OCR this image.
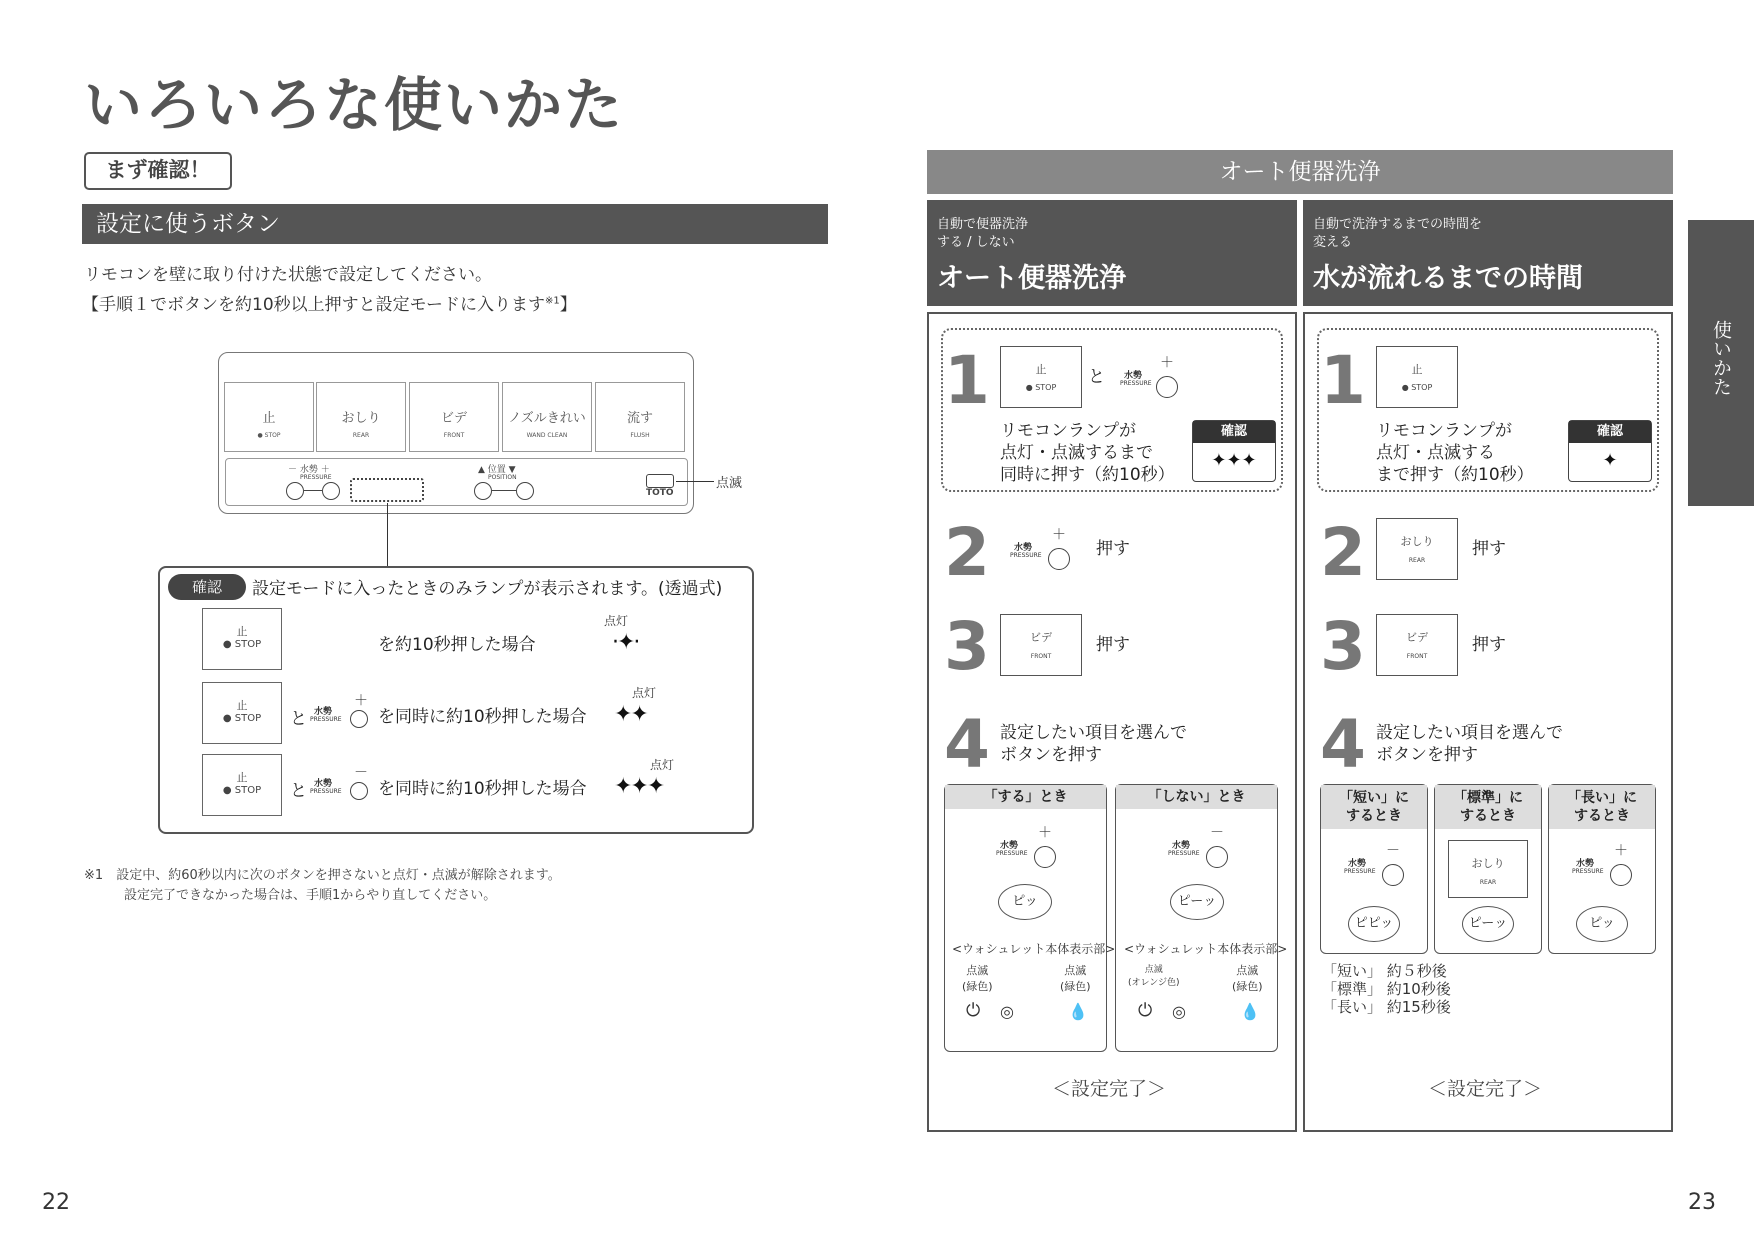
いろいろな使いかた
まず確認！
設定に使うボタン
リモコンを壁に取り付けた状態で設定してください。
【手順１でボタンを約10秒以上押すと設定モードに入ります$^{※1}$】
止
● STOP
おしり
REAR
ビデ
FRONT
ノズルきれい
WAND CLEAN
流す
FLUSH
－ 水勢 ＋
PRESSURE
▲ 位置 ▼
POSITION
TOTO
点滅
確認	設定モードに入ったときのみランプが表示されます。(透過式)
止
● STOP	を約10秒押した場合
点灯
·✦·
止
● STOP	と 水勢
PRESSURE
＋
を同時に約10秒押した場合
点灯
✦✦
止
● STOP	と 水勢
PRESSURE
－
を同時に約10秒押した場合
点灯
✦✦✦
※1　 設定中、約60秒以内に次のボタンを押さないと点灯・点滅が解除されます。
設定完了できなかった場合は、手順1からやり直してください。
22
オート便器洗浄
使いかた
自動で便器洗浄
する / しない
オート便器洗浄
自動で洗浄するまでの時間を
変える
水が流れるまでの時間
1	止
● STOP
と 水勢
PRESSURE
＋
リモコンランプが
点灯・点滅するまで
同時に押す（約10秒）
確認
✦✦✦
2	水勢
PRESSURE
＋
押す
3	ビデ
FRONT
押す
4 設定したい項目を選んで
ボタンを押す
「する」とき
水勢
PRESSURE
＋
ピッ
<ウォシュレット本体表示部>
点滅
(緑色)
点滅
(緑色)
⏻ ◎	💧
「しない」とき
水勢
PRESSURE
－
ピーッ
<ウォシュレット本体表示部>
点滅
(オレンジ色)
点滅
(緑色)
⏻ ◎	💧
＜設定完了＞
1	止
● STOP
リモコンランプが
点灯・点滅する
まで押す（約10秒）
確認
✦
2	おしり
REAR
押す
3	ビデ
FRONT
押す
4 設定したい項目を選んで
ボタンを押す
「短い」に
するとき
水勢
PRESSURE
－
ピピッ
「標準」に
するとき
おしり
REAR
ピーッ
「長い」に
するとき
水勢
PRESSURE
＋
ピッ
「短い」 約５秒後
「標準」 約10秒後
「長い」 約15秒後
＜設定完了＞
23
